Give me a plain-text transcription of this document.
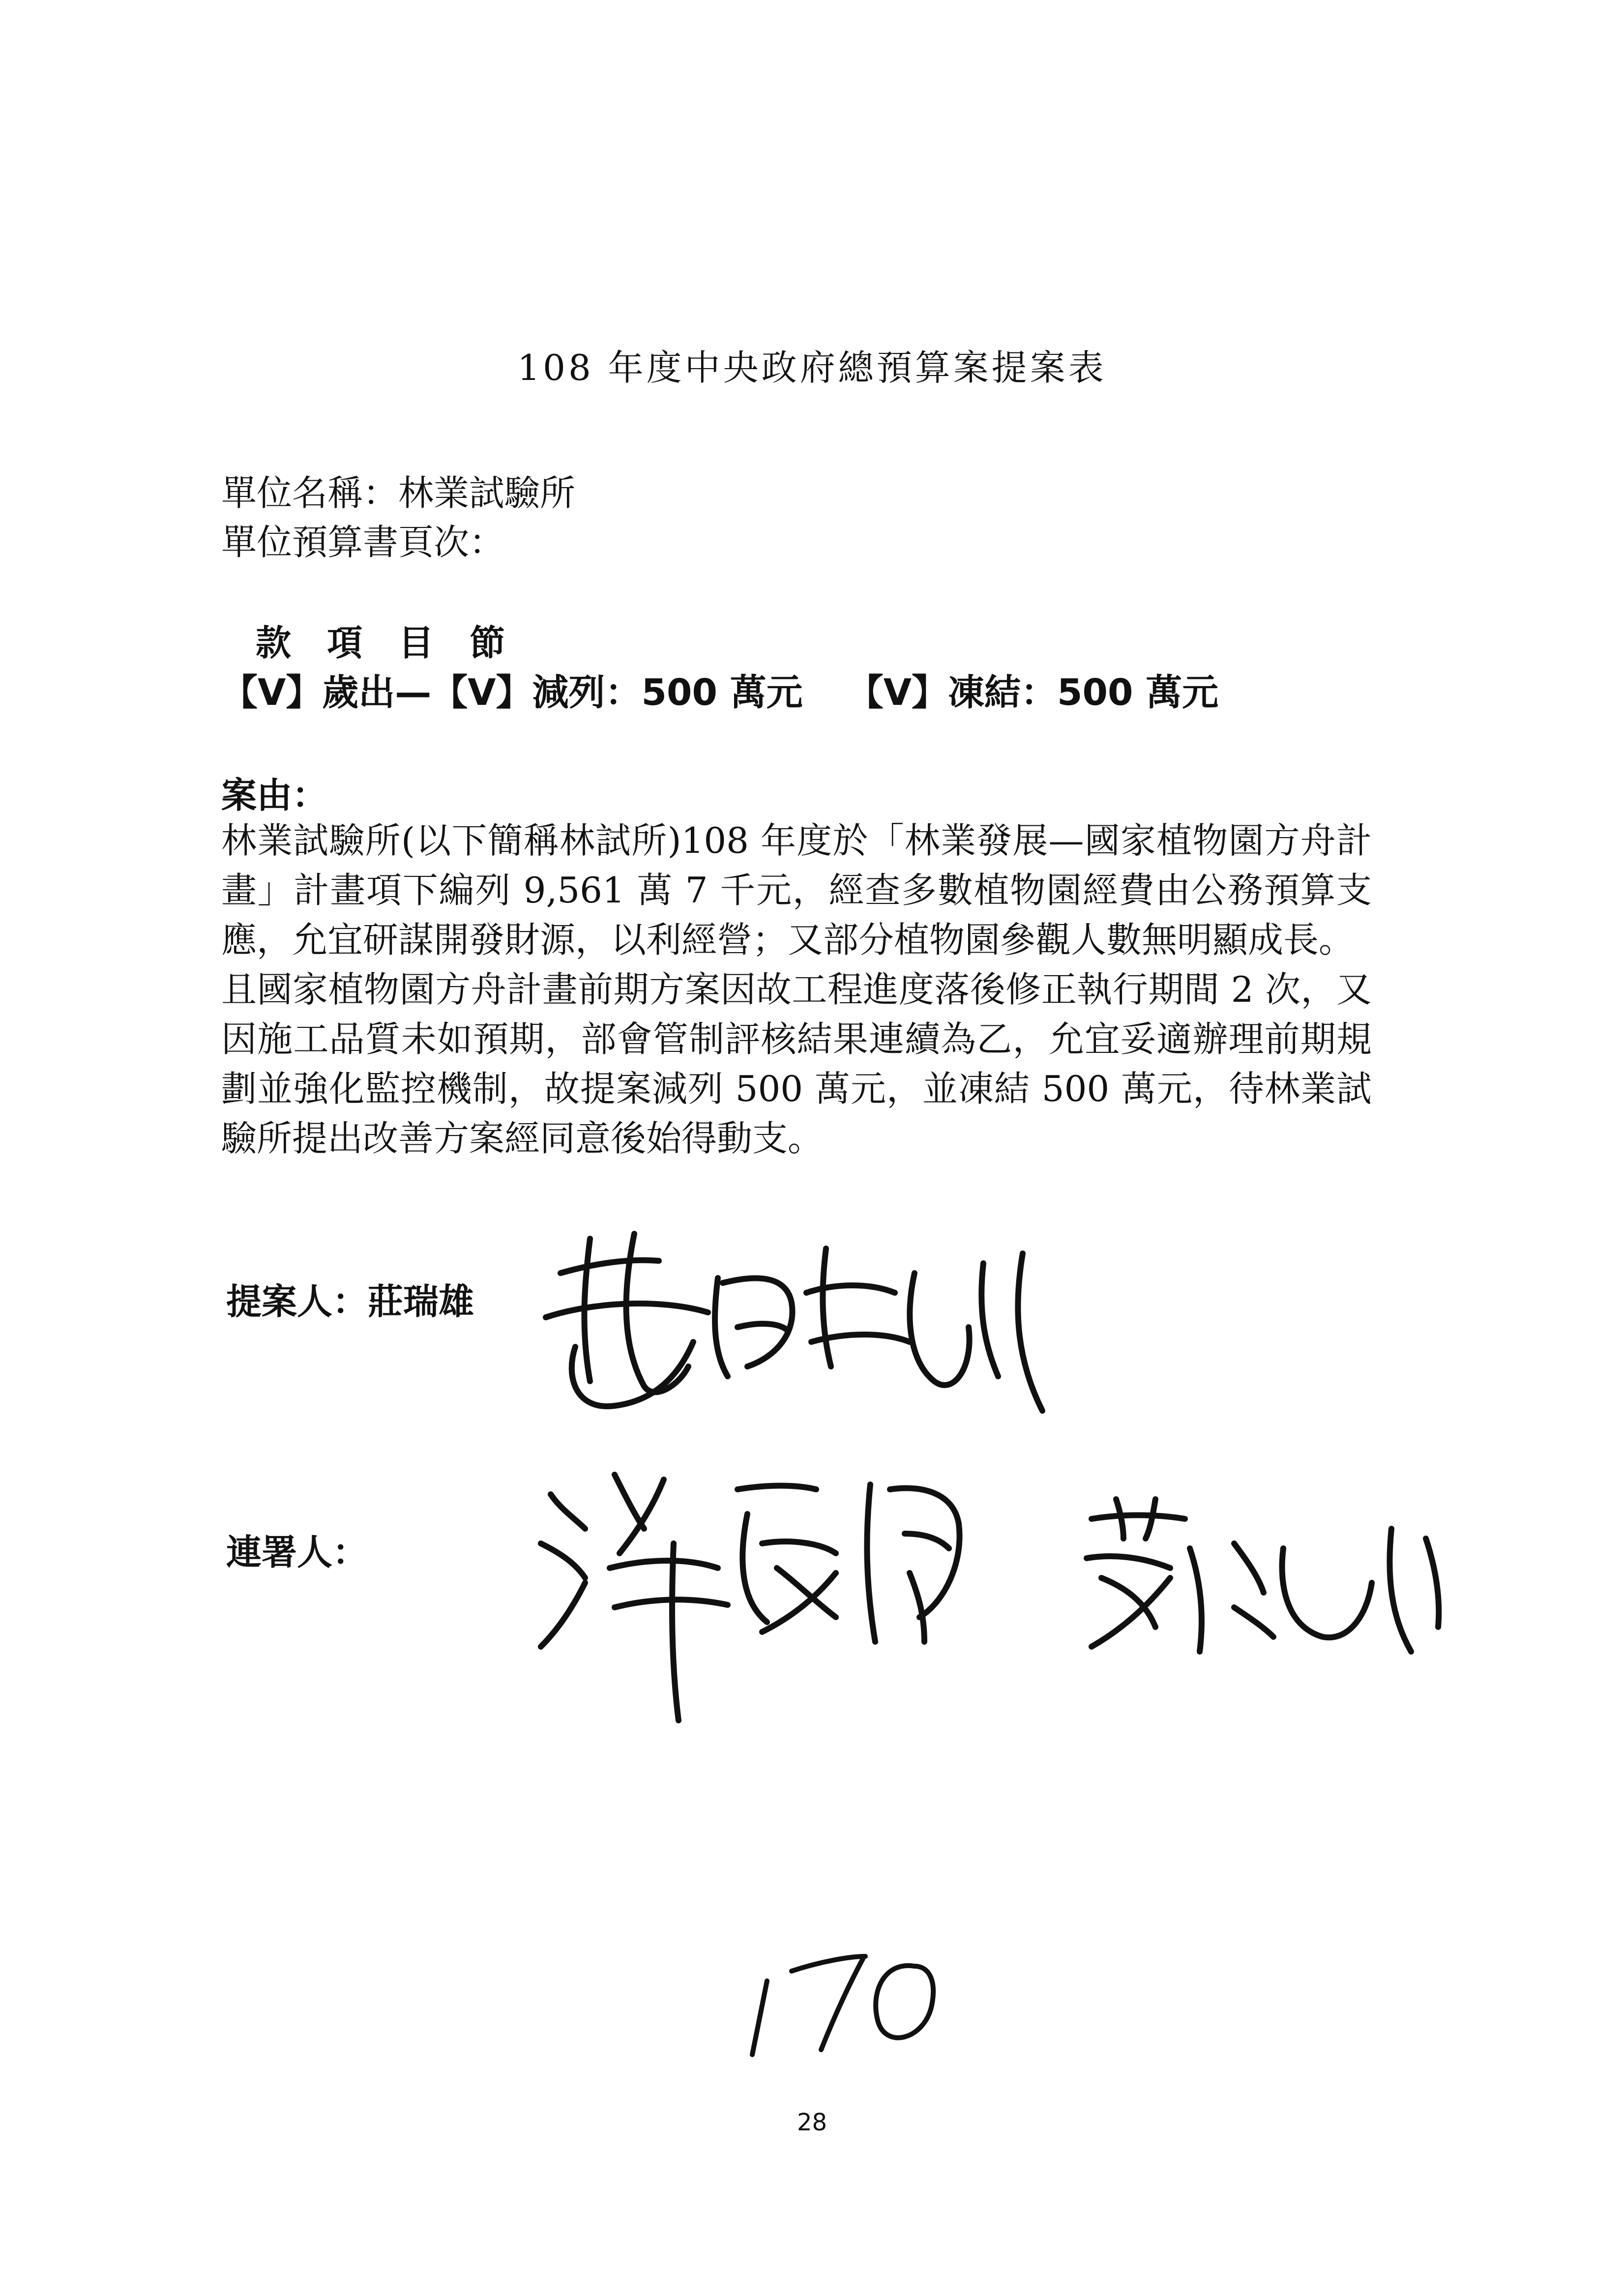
108 年度中央政府總預算案提案表
單位名稱：林業試驗所
單位預算書頁次：
款 項 目 節
【V】歲出—【V】減列：500 萬元 【V】凍結：500 萬元
案由：

林業試驗所(以下簡稱林試所)108 年度於「林業發展—國家植物園方舟計畫」計畫項下編列 9,561 萬 7 千元，經查多數植物園經費由公務預算支應，允宜研謀開發財源，以利經營；又部分植物園參觀人數無明顯成長。

且國家植物園方舟計畫前期方案因故工程進度落後修正執行期間 2 次，又因施工品質未如預期，部會管制評核結果連續為乙，允宜妥適辦理前期規劃並強化監控機制，故提案減列 500 萬元，並凍結 500 萬元，待林業試驗所提出改善方案經同意後始得動支。

提案人：莊瑞雄
連署人：
28
